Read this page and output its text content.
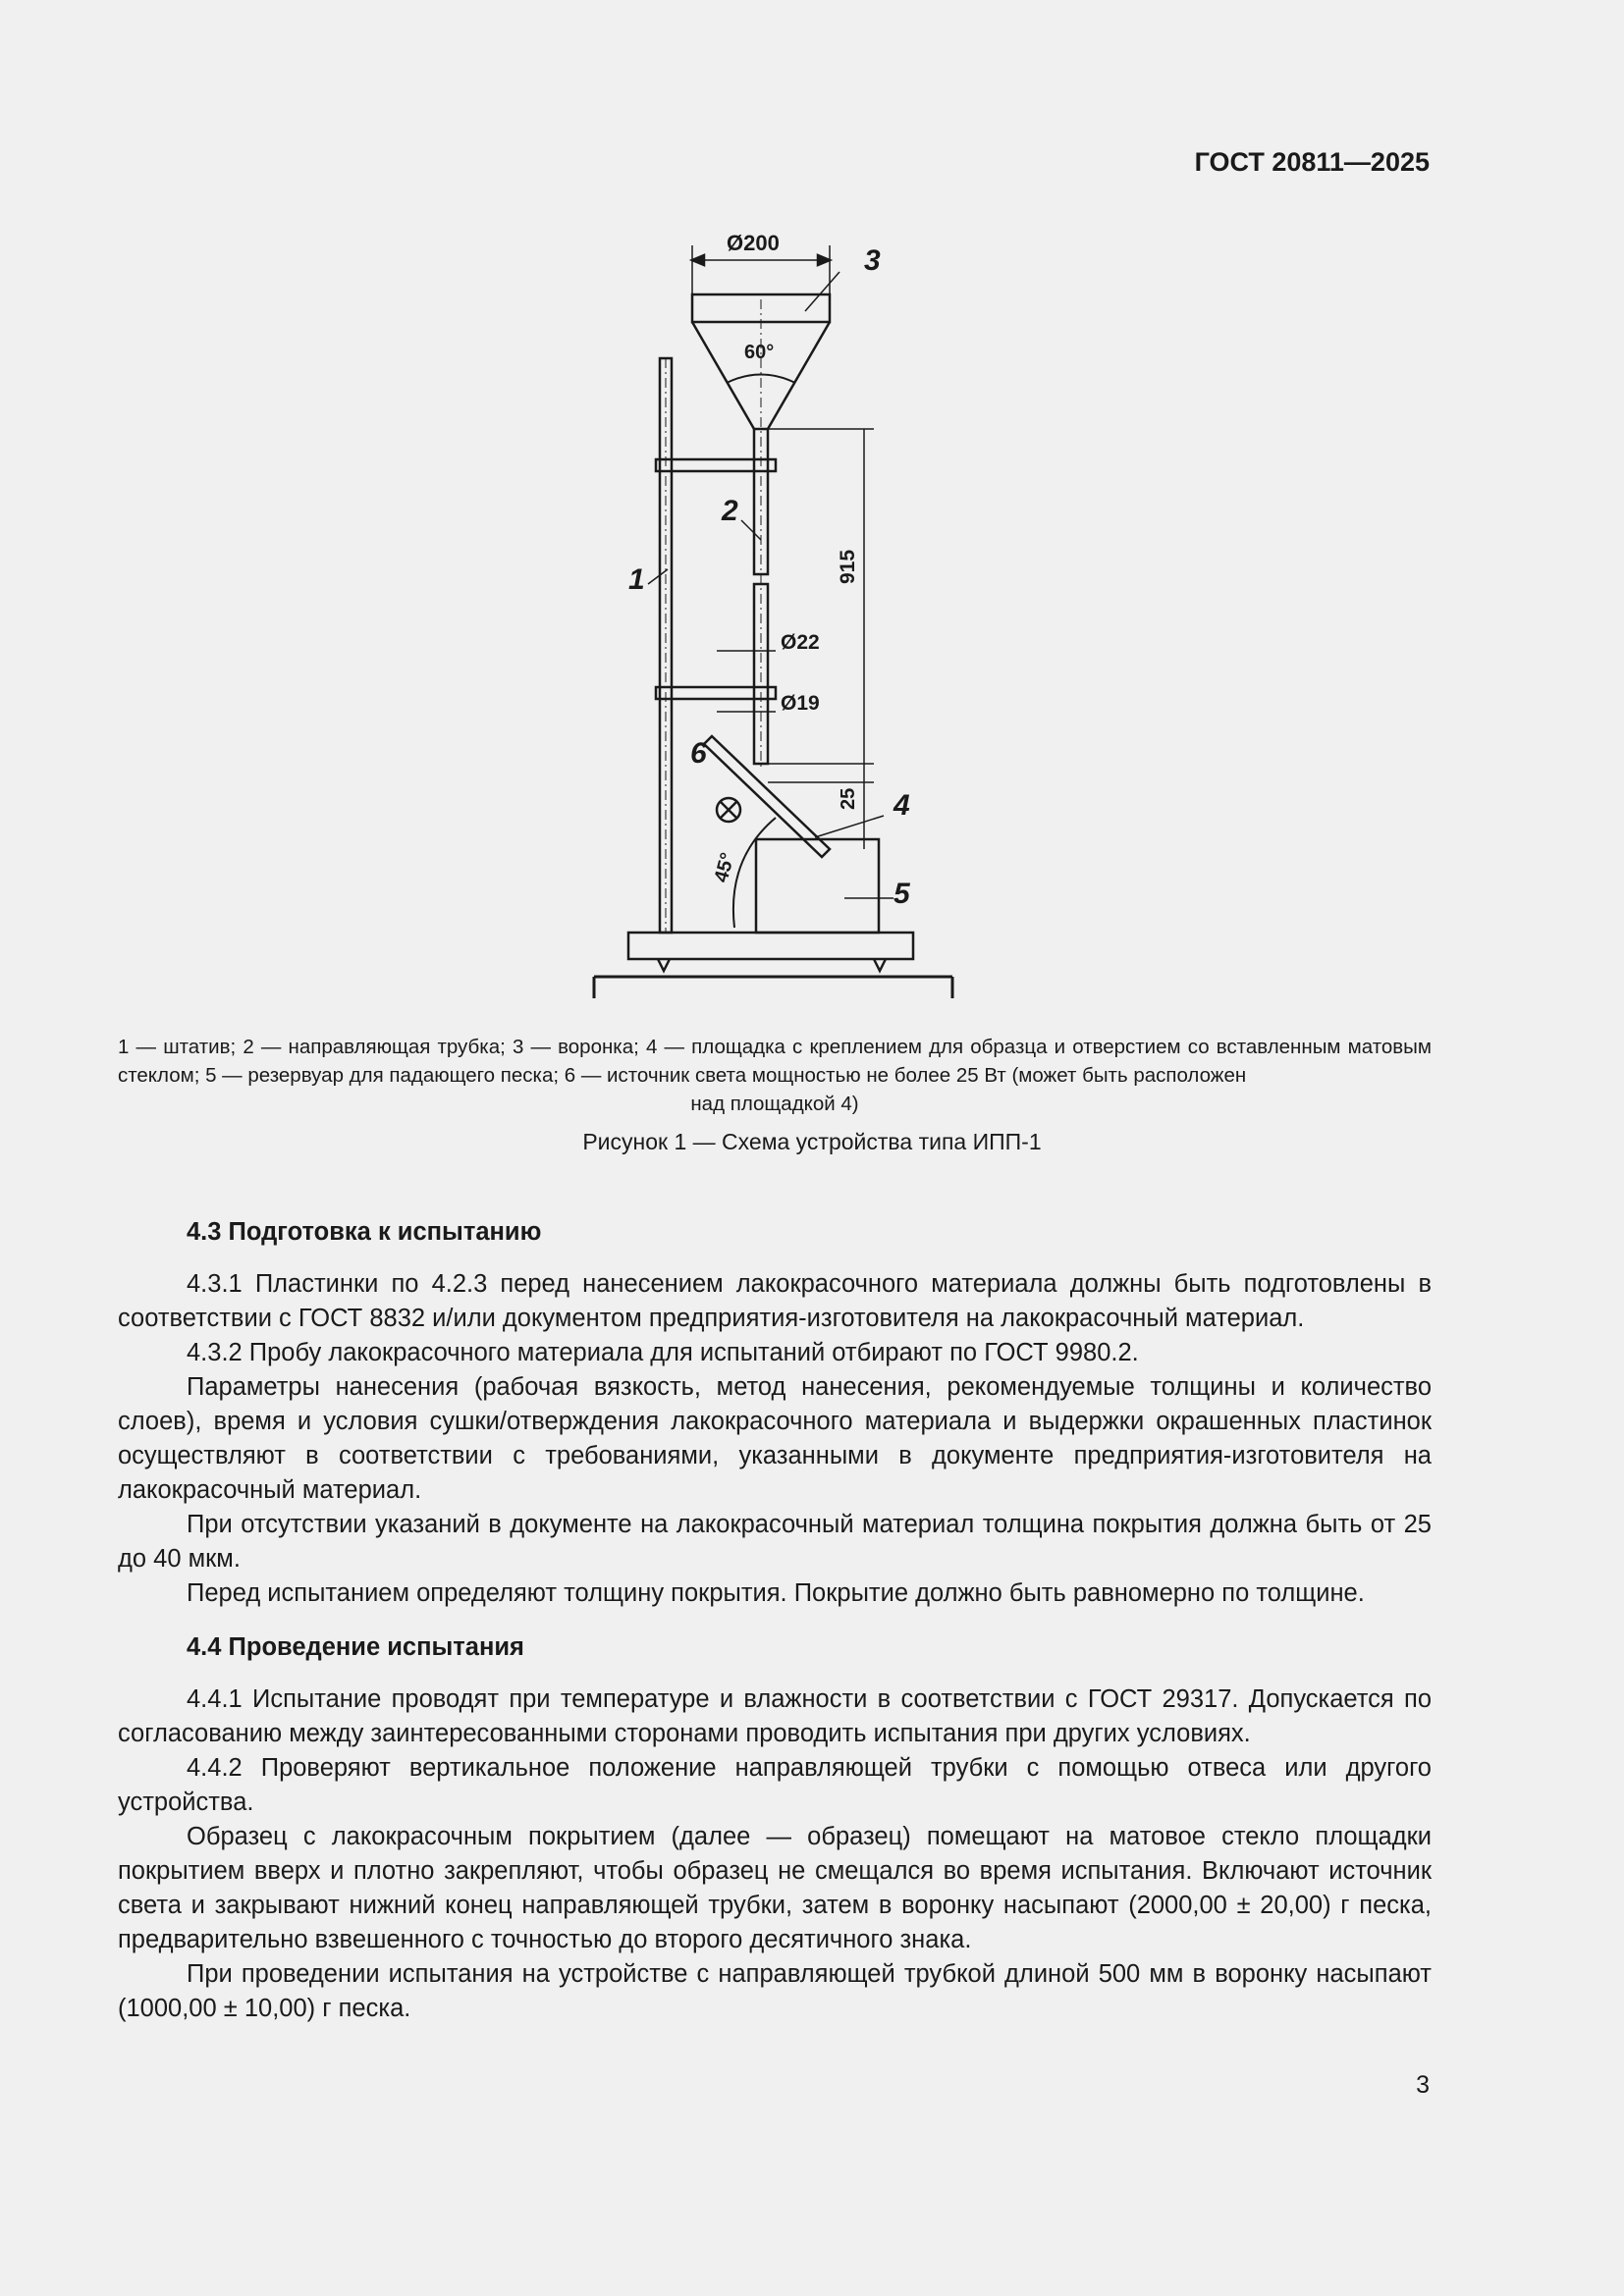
ГОСТ 20811—2025
Ø200
60°
915
Ø22
Ø19
25
45°
1
2
3
4
5
6
1 — штатив; 2 — направляющая трубка; 3 — воронка; 4 — площадка с креплением для образца и отверстием со вставленным матовым стеклом; 5 — резервуар для падающего песка; 6 — источник света мощностью не более 25 Вт (может быть расположен
над площадкой 4)
Рисунок 1 — Схема устройства типа ИПП-1
4.3 Подготовка к испытанию

4.3.1 Пластинки по 4.2.3 перед нанесением лакокрасочного материала должны быть подготовлены в соответствии с ГОСТ 8832 и/или документом предприятия-изготовителя на лакокрасочный материал.

4.3.2 Пробу лакокрасочного материала для испытаний отбирают по ГОСТ 9980.2.

Параметры нанесения (рабочая вязкость, метод нанесения, рекомендуемые толщины и количество слоев), время и условия сушки/отверждения лакокрасочного материала и выдержки окрашенных пластинок осуществляют в соответствии с требованиями, указанными в документе предприятия-изготовителя на лакокрасочный материал.

При отсутствии указаний в документе на лакокрасочный материал толщина покрытия должна быть от 25 до 40 мкм.

Перед испытанием определяют толщину покрытия. Покрытие должно быть равномерно по толщине.

4.4 Проведение испытания

4.4.1 Испытание проводят при температуре и влажности в соответствии с ГОСТ 29317. Допускается по согласованию между заинтересованными сторонами проводить испытания при других условиях.

4.4.2 Проверяют вертикальное положение направляющей трубки с помощью отвеса или другого устройства.

Образец с лакокрасочным покрытием (далее — образец) помещают на матовое стекло площадки покрытием вверх и плотно закрепляют, чтобы образец не смещался во время испытания. Включают источник света и закрывают нижний конец направляющей трубки, затем в воронку насыпают (2000,00 ± 20,00) г песка, предварительно взвешенного с точностью до второго десятичного знака.

При проведении испытания на устройстве с направляющей трубкой длиной 500 мм в воронку насыпают (1000,00 ± 10,00) г песка.

3
